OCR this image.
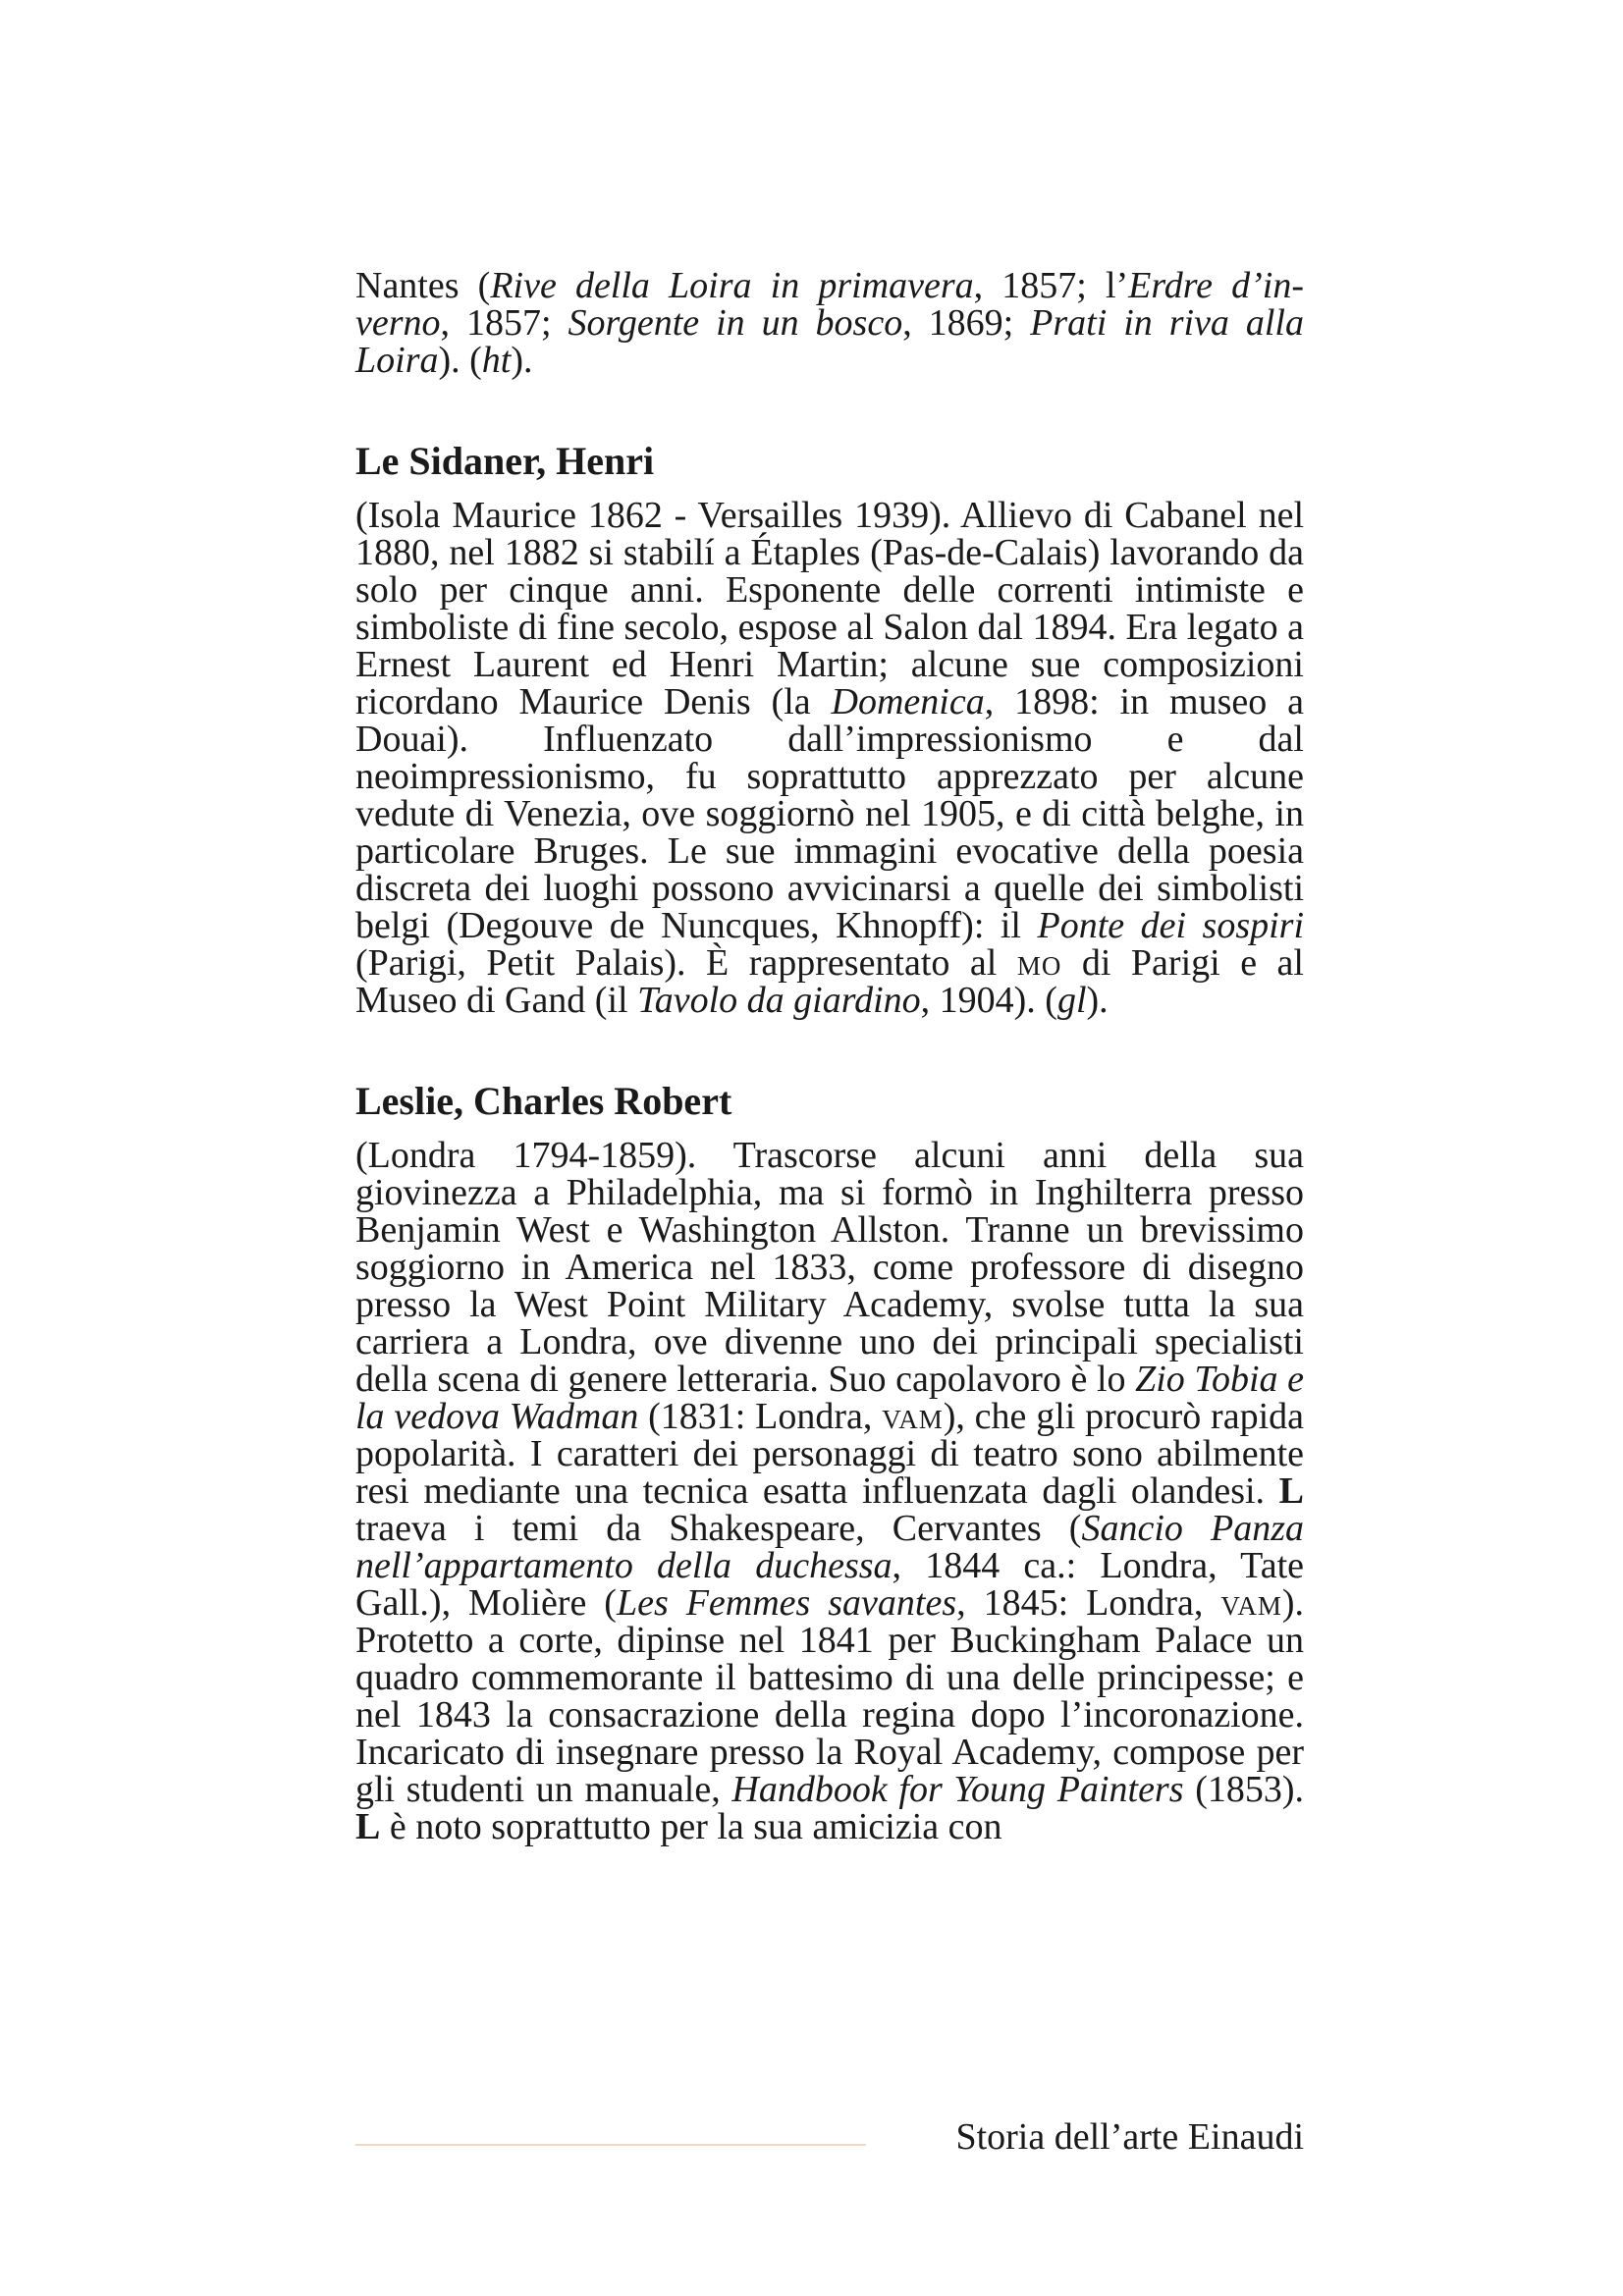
Nantes (Rive della Loira in primavera, 1857; l’Erdre d’inverno, 1857; Sorgente in un bosco, 1869; Prati in riva alla Loira). (ht).

Le Sidaner, Henri

(Isola Maurice 1862 - Versailles 1939). Allievo di Cabanel nel 1880, nel 1882 si stabilí a Étaples (Pas-de-Calais) lavorando da solo per cinque anni. Esponente delle correnti intimiste e simboliste di fine secolo, espose al Salon dal 1894. Era legato a Ernest Laurent ed Henri Martin; alcune sue composizioni ricordano Maurice Denis (la Domenica, 1898: in museo a Douai). Influenzato dall’impressionismo e dal neoimpressionismo, fu soprattutto apprezzato per alcune vedute di Venezia, ove soggiornò nel 1905, e di città belghe, in particolare Bruges. Le sue immagini evocative della poesia discreta dei luoghi possono avvicinarsi a quelle dei simbolisti belgi (Degouve de Nuncques, Khnopff): il Ponte dei sospiri (Parigi, Petit Palais). È rappresentato al mo di Parigi e al Museo di Gand (il Tavolo da giardino, 1904). (gl).

Leslie, Charles Robert

(Londra 1794-1859). Trascorse alcuni anni della sua giovinezza a Philadelphia, ma si formò in Inghilterra presso Benjamin West e Washington Allston. Tranne un brevissimo soggiorno in America nel 1833, come professore di disegno presso la West Point Military Academy, svolse tutta la sua carriera a Londra, ove divenne uno dei principali specialisti della scena di genere letteraria. Suo capolavoro è lo Zio Tobia e la vedova Wadman (1831: Londra, vam), che gli procurò rapida popolarità. I caratteri dei personaggi di teatro sono abilmente resi mediante una tecnica esatta influenzata dagli olandesi. L traeva i temi da Shakespeare, Cervantes (Sancio Panza nell’appartamento della duchessa, 1844 ca.: Londra, Tate Gall.), Molière (Les Femmes savantes, 1845: Londra, vam). Protetto a corte, dipinse nel 1841 per Buckingham Palace un quadro commemorante il battesimo di una delle principesse; e nel 1843 la consacrazione della regina dopo l’incoronazione. Incaricato di insegnare presso la Royal Academy, compose per gli studenti un manuale, Handbook for Young Painters (1853). L è noto soprattutto per la sua amicizia con

Storia dell’arte Einaudi
